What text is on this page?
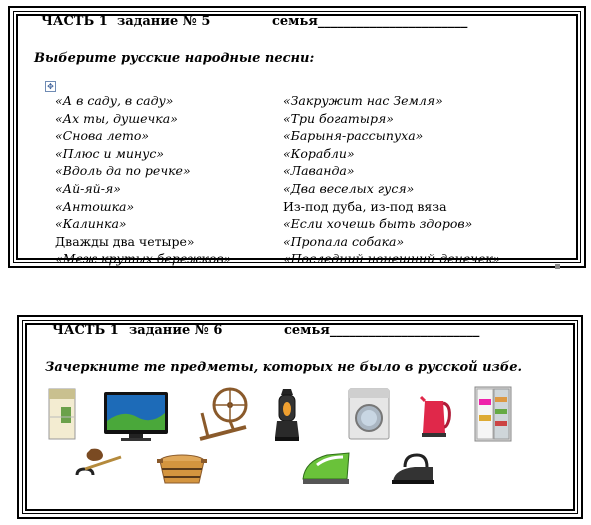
ЧАСТЬ 1 задание № 5	семья_______________________
Выберите русские народные песни:
✥
«А в саду, в саду»
«Ах ты, душечка»
«Снова лето»
«Плюс и минус»
«Вдоль да по речке»
«Ай-яй-я»
«Антошка»
«Калинка»
Дважды два четыре»
«Меж крутых бережков»
«Закружит нас Земля»
«Три богатыря»
«Барыня-рассыпуха»
«Корабли»
«Лаванда»
«Два веселых гуся»
Из-под дуба, из-под вяза
«Если хочешь быть здоров»
«Пропала собака»
«Последний нонешний денечек»
ЧАСТЬ 1 задание № 6	семья_______________________
Зачеркните те предметы, которых не было в русской избе.
